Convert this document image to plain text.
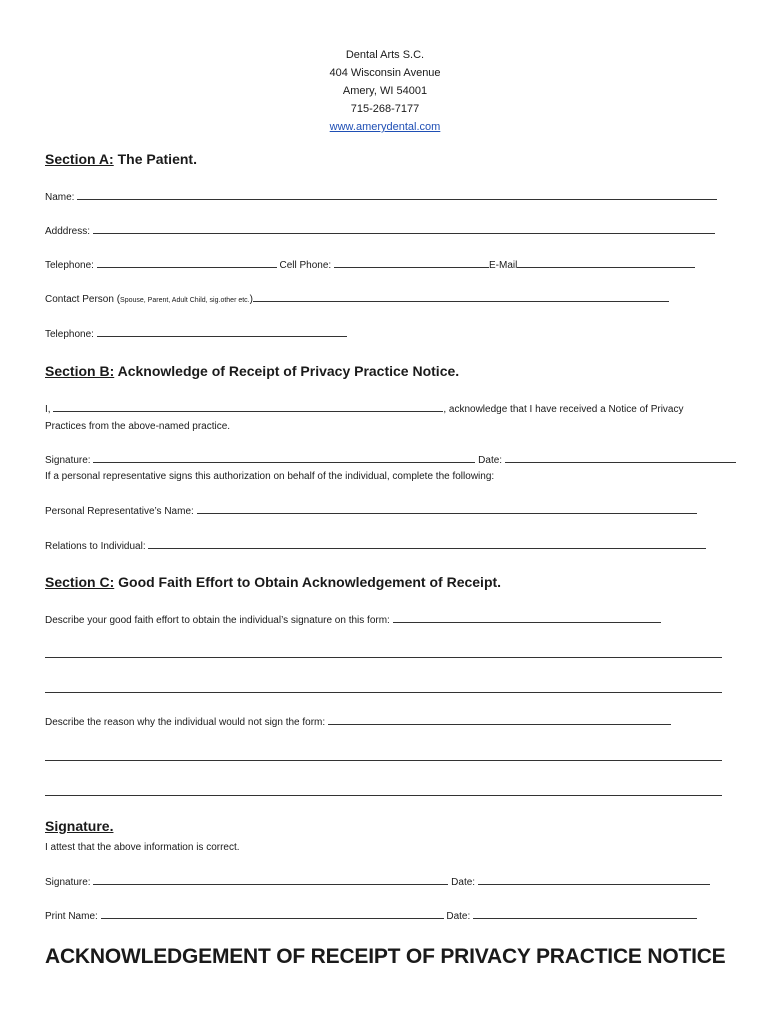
Dental Arts S.C.
404 Wisconsin Avenue
Amery, WI 54001
715-268-7177
www.amerydental.com
Section A: The Patient.
Name:
Adddress:
Telephone:	Cell Phone:	E-Mail
Contact Person (Spouse, Parent, Adult Child, sig.other etc.)
Telephone:
Section B: Acknowledge of Receipt of Privacy Practice Notice.
I,	, acknowledge that I have received a Notice of Privacy
Practices from the above-named practice.
Signature:	Date:
If a personal representative signs this authorization on behalf of the individual, complete the following:
Personal Representative’s Name:
Relations to Individual:
Section C: Good Faith Effort to Obtain Acknowledgement of Receipt.
Describe your good faith effort to obtain the individual’s signature on this form:
Describe the reason why the individual would not sign the form:
Signature.
I attest that the above information is correct.
Signature:	Date:
Print Name:	Date:
ACKNOWLEDGEMENT OF RECEIPT OF PRIVACY PRACTICE NOTICE
